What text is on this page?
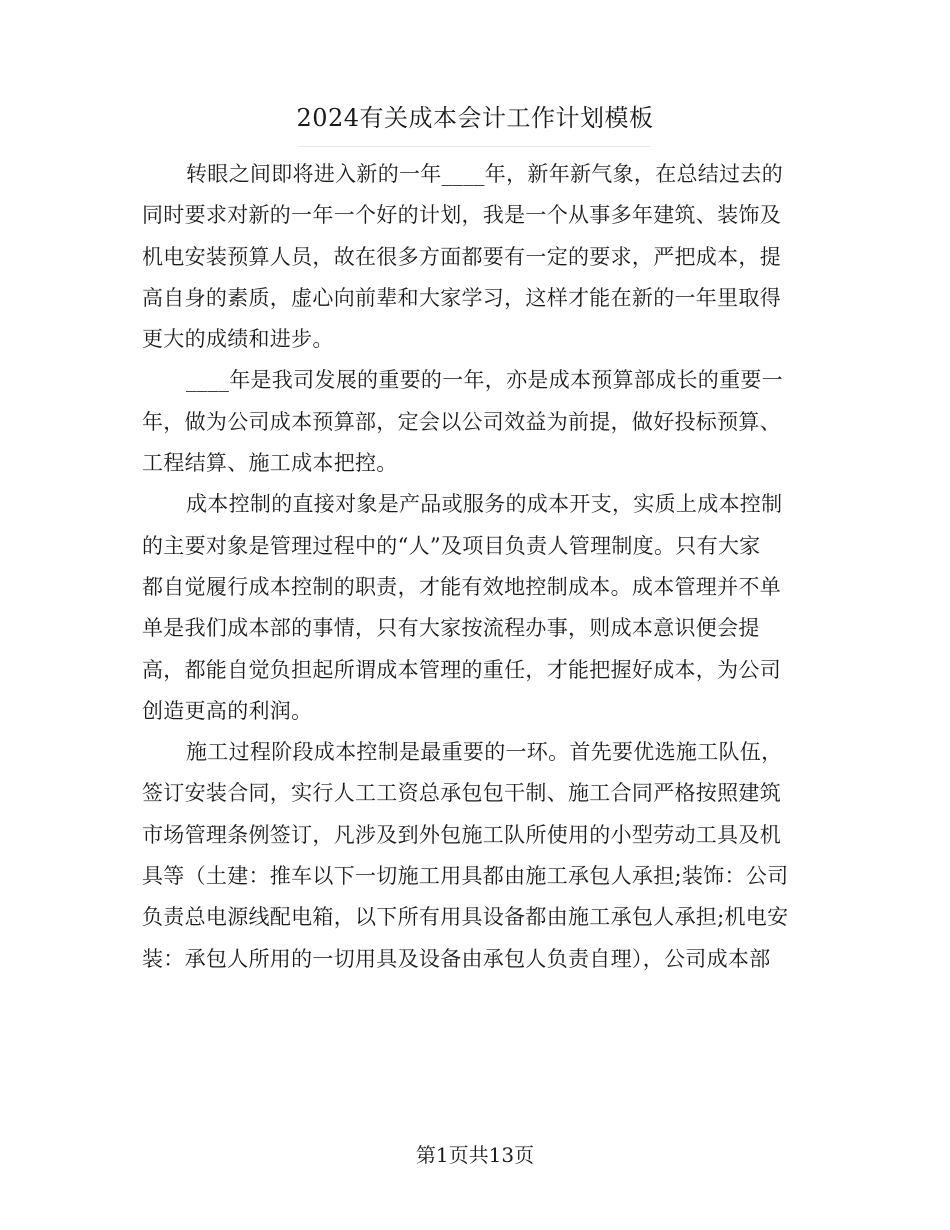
2024有关成本会计工作计划模板
转眼之间即将进入新的一年____年，新年新气象，在总结过去的
同时要求对新的一年一个好的计划，我是一个从事多年建筑、装饰及
机电安装预算人员，故在很多方面都要有一定的要求，严把成本，提
高自身的素质，虚心向前辈和大家学习，这样才能在新的一年里取得
更大的成绩和进步。
____年是我司发展的重要的一年，亦是成本预算部成长的重要一
年，做为公司成本预算部，定会以公司效益为前提，做好投标预算、
工程结算、施工成本把控。
成本控制的直接对象是产品或服务的成本开支，实质上成本控制
的主要对象是管理过程中的“人”及项目负责人管理制度。只有大家
都自觉履行成本控制的职责，才能有效地控制成本。成本管理并不单
单是我们成本部的事情，只有大家按流程办事，则成本意识便会提
高，都能自觉负担起所谓成本管理的重任，才能把握好成本，为公司
创造更高的利润。
施工过程阶段成本控制是最重要的一环。首先要优选施工队伍，
签订安装合同，实行人工工资总承包包干制、施工合同严格按照建筑
市场管理条例签订，凡涉及到外包施工队所使用的小型劳动工具及机
具等（土建：推车以下一切施工用具都由施工承包人承担;装饰：公司
负责总电源线配电箱，以下所有用具设备都由施工承包人承担;机电安
装：承包人所用的一切用具及设备由承包人负责自理），公司成本部
第1页共13页
